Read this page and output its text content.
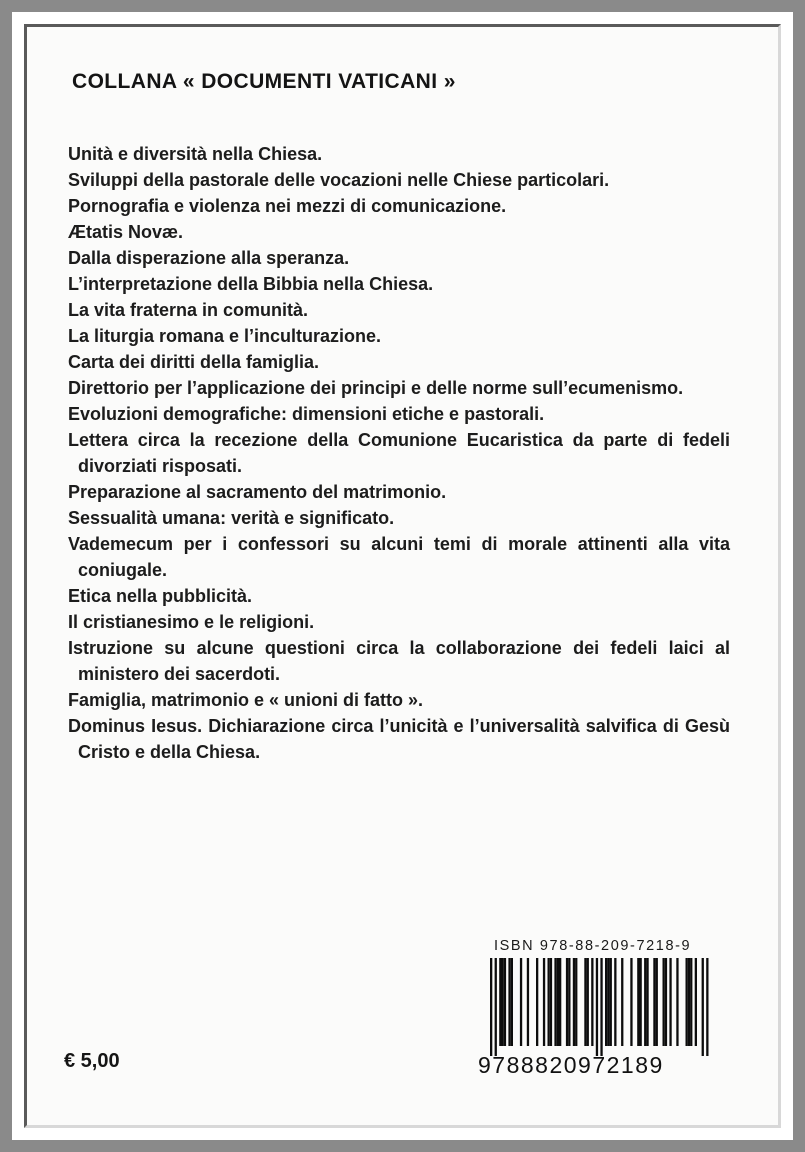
COLLANA « DOCUMENTI VATICANI »
Unità e diversità nella Chiesa.
Sviluppi della pastorale delle vocazioni nelle Chiese particolari.
Pornografia e violenza nei mezzi di comunicazione.
Ætatis Novæ.
Dalla disperazione alla speranza.
L’interpretazione della Bibbia nella Chiesa.
La vita fraterna in comunità.
La liturgia romana e l’inculturazione.
Carta dei diritti della famiglia.
Direttorio per l’applicazione dei principi e delle norme sull’ecumenismo.
Evoluzioni demografiche: dimensioni etiche e pastorali.
Lettera circa la recezione della Comunione Eucaristica da parte di fedeli divorziati risposati.
Preparazione al sacramento del matrimonio.
Sessualità umana: verità e significato.
Vademecum per i confessori su alcuni temi di morale attinenti alla vita coniugale.
Etica nella pubblicità.
Il cristianesimo e le religioni.
Istruzione su alcune questioni circa la collaborazione dei fedeli laici al ministero dei sacerdoti.
Famiglia, matrimonio e « unioni di fatto ».
Dominus Iesus. Dichiarazione circa l’unicità e l’universalità salvifica di Gesù Cristo e della Chiesa.
€ 5,00
ISBN 978-88-209-7218-9
9788820972189
